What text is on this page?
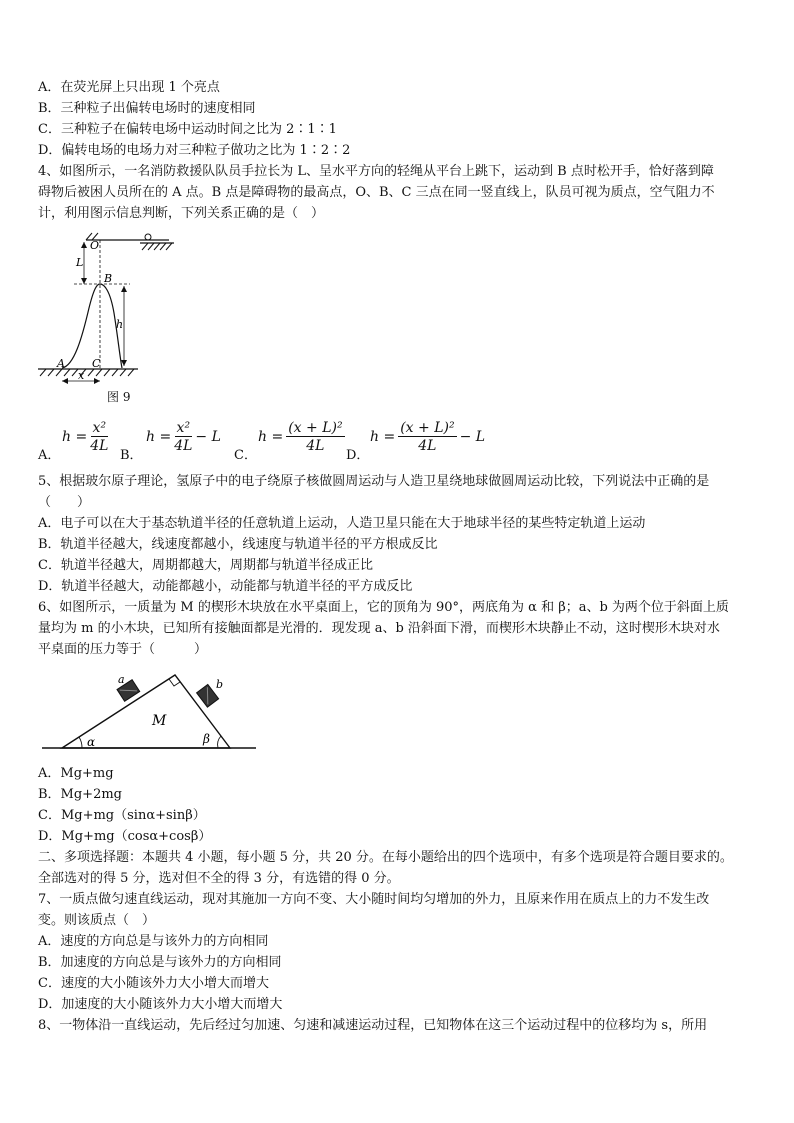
A．在荧光屏上只出现 1 个亮点
B．三种粒子出偏转电场时的速度相同
C．三种粒子在偏转电场中运动时间之比为 2∶1∶1
D．偏转电场的电场力对三种粒子做功之比为 1∶2∶2
4、如图所示，一名消防救援队队员手拉长为 L、呈水平方向的轻绳从平台上跳下，运动到 B 点时松开手，恰好落到障
碍物后被困人员所在的 A 点。B 点是障碍物的最高点，O、B、C 三点在同一竖直线上，队员可视为质点，空气阻力不
计，利用图示信息判断，下列关系正确的是（　）
O
L
B
h
A C
x
图 9
A．
$h = \frac{\text{x²}}{4L}$
B．
$h = \frac{\text{x²}}{4L} - L$
C．
$h = \frac{\text{(x + L)²}}{4L}$
D．
$h = \frac{\text{(x + L)²}}{4L} - L$
5、根据玻尔原子理论，氢原子中的电子绕原子核做圆周运动与人造卫星绕地球做圆周运动比较，下列说法中正确的是
（　　）
A．电子可以在大于基态轨道半径的任意轨道上运动，人造卫星只能在大于地球半径的某些特定轨道上运动
B．轨道半径越大，线速度都越小，线速度与轨道半径的平方根成反比
C．轨道半径越大，周期都越大，周期都与轨道半径成正比
D．轨道半径越大，动能都越小，动能都与轨道半径的平方成反比
6、如图所示，一质量为 M 的楔形木块放在水平桌面上，它的顶角为 90°，两底角为 α 和 β；a、b 为两个位于斜面上质
量均为 m 的小木块，已知所有接触面都是光滑的．现发现 a、b 沿斜面下滑，而楔形木块静止不动，这时楔形木块对水
平桌面的压力等于（　　　）
a	b
M
α	β
A．Mg+mg
B．Mg+2mg
C．Mg+mg（sinα+sinβ）
D．Mg+mg（cosα+cosβ）
二、多项选择题：本题共 4 小题，每小题 5 分，共 20 分。在每小题给出的四个选项中，有多个选项是符合题目要求的。
全部选对的得 5 分，选对但不全的得 3 分，有选错的得 0 分。
7、一质点做匀速直线运动，现对其施加一方向不变、大小随时间均匀增加的外力，且原来作用在质点上的力不发生改
变。则该质点（　）
A．速度的方向总是与该外力的方向相同
B．加速度的方向总是与该外力的方向相同
C．速度的大小随该外力大小增大而增大
D．加速度的大小随该外力大小增大而增大
8、一物体沿一直线运动，先后经过匀加速、匀速和减速运动过程，已知物体在这三个运动过程中的位移均为 s，所用
